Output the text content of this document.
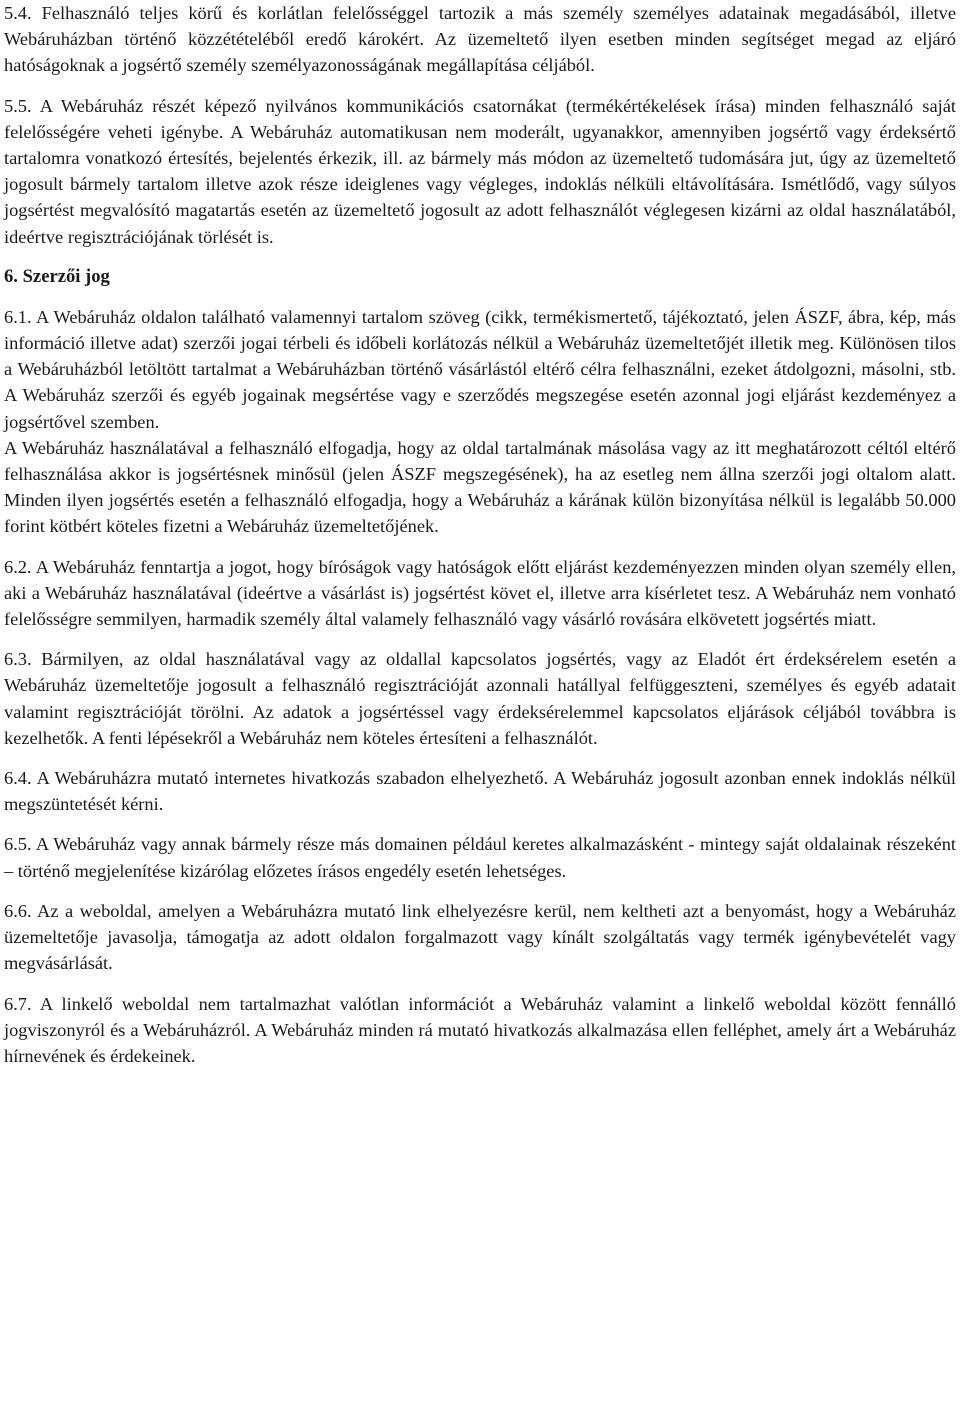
5.4. Felhasználó teljes körű és korlátlan felelősséggel tartozik a más személy személyes adatainak megadásából, illetve Webáruházban történő közzétételéből eredő károkért. Az üzemeltető ilyen esetben minden segítséget megad az eljáró hatóságoknak a jogsértő személy személyazonosságának megállapítása céljából.

5.5. A Webáruház részét képező nyilvános kommunikációs csatornákat (termékértékelések írása) minden felhasználó saját felelősségére veheti igénybe. A Webáruház automatikusan nem moderált, ugyanakkor, amennyiben jogsértő vagy érdeksértő tartalomra vonatkozó értesítés, bejelentés érkezik, ill. az bármely más módon az üzemeltető tudomására jut, úgy az üzemeltető jogosult bármely tartalom illetve azok része ideiglenes vagy végleges, indoklás nélküli eltávolítására. Ismétlődő, vagy súlyos jogsértést megvalósító magatartás esetén az üzemeltető jogosult az adott felhasználót véglegesen kizárni az oldal használatából, ideértve regisztrációjának törlését is.

6. Szerzői jog

6.1. A Webáruház oldalon található valamennyi tartalom szöveg (cikk, termékismertető, tájékoztató, jelen ÁSZF, ábra, kép, más információ illetve adat) szerzői jogai térbeli és időbeli korlátozás nélkül a Webáruház üzemeltetőjét illetik meg. Különösen tilos a Webáruházból letöltött tartalmat a Webáruházban történő vásárlástól eltérő célra felhasználni, ezeket átdolgozni, másolni, stb. A Webáruház szerzői és egyéb jogainak megsértése vagy e szerződés megszegése esetén azonnal jogi eljárást kezdeményez a jogsértővel szemben.

A Webáruház használatával a felhasználó elfogadja, hogy az oldal tartalmának másolása vagy az itt meghatározott céltól eltérő felhasználása akkor is jogsértésnek minősül (jelen ÁSZF megszegésének), ha az esetleg nem állna szerzői jogi oltalom alatt. Minden ilyen jogsértés esetén a felhasználó elfogadja, hogy a Webáruház a kárának külön bizonyítása nélkül is legalább 50.000 forint kötbért köteles fizetni a Webáruház üzemeltetőjének.

6.2. A Webáruház fenntartja a jogot, hogy bíróságok vagy hatóságok előtt eljárást kezdeményezzen minden olyan személy ellen, aki a Webáruház használatával (ideértve a vásárlást is) jogsértést követ el, illetve arra kísérletet tesz. A Webáruház nem vonható felelősségre semmilyen, harmadik személy által valamely felhasználó vagy vásárló rovására elkövetett jogsértés miatt.

6.3. Bármilyen, az oldal használatával vagy az oldallal kapcsolatos jogsértés, vagy az Eladót ért érdeksérelem esetén a Webáruház üzemeltetője jogosult a felhasználó regisztrációját azonnali hatállyal felfüggeszteni, személyes és egyéb adatait valamint regisztrációját törölni. Az adatok a jogsértéssel vagy érdeksérelemmel kapcsolatos eljárások céljából továbbra is kezelhetők. A fenti lépésekről a Webáruház nem köteles értesíteni a felhasználót.

6.4. A Webáruházra mutató internetes hivatkozás szabadon elhelyezhető. A Webáruház jogosult azonban ennek indoklás nélkül megszüntetését kérni.

6.5. A Webáruház vagy annak bármely része más domainen például keretes alkalmazásként - mintegy saját oldalainak részeként – történő megjelenítése kizárólag előzetes írásos engedély esetén lehetséges.

6.6. Az a weboldal, amelyen a Webáruházra mutató link elhelyezésre kerül, nem keltheti azt a benyomást, hogy a Webáruház üzemeltetője javasolja, támogatja az adott oldalon forgalmazott vagy kínált szolgáltatás vagy termék igénybevételét vagy megvásárlását.

6.7. A linkelő weboldal nem tartalmazhat valótlan információt a Webáruház valamint a linkelő weboldal között fennálló jogviszonyról és a Webáruházról. A Webáruház minden rá mutató hivatkozás alkalmazása ellen felléphet, amely árt a Webáruház hírnevének és érdekeinek.
